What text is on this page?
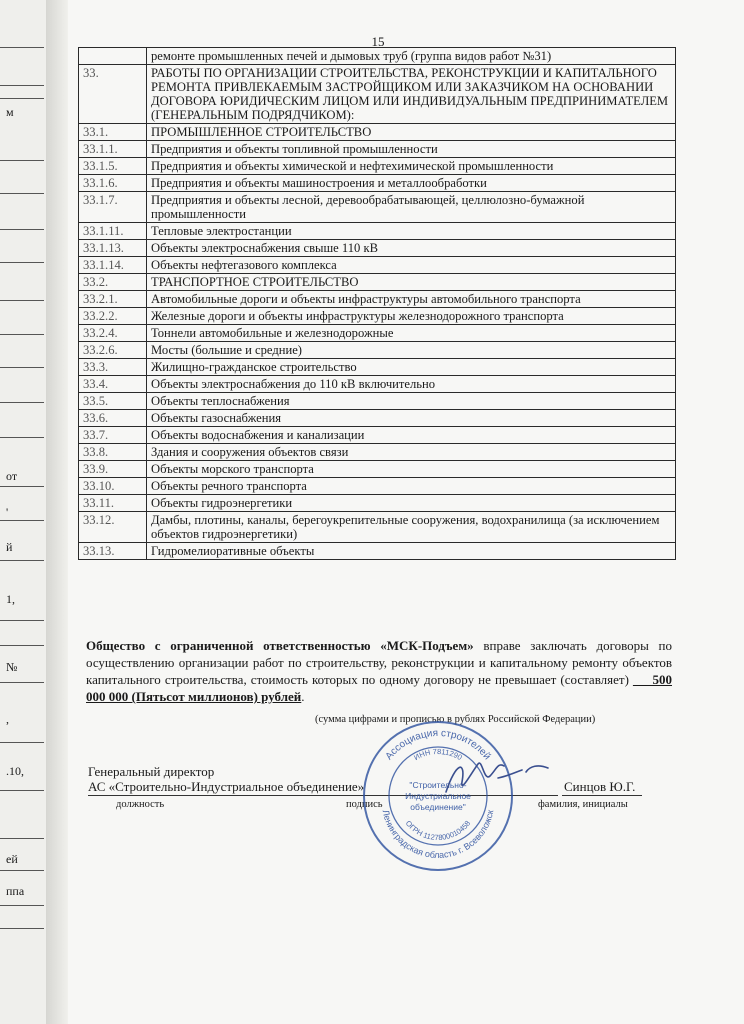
м
от
'
й
1,
№
,
.10,
ей
ппа
15
	ремонте промышленных печей и дымовых труб (группа видов работ №31)
33.	РАБОТЫ ПО ОРГАНИЗАЦИИ СТРОИТЕЛЬСТВА, РЕКОНСТРУКЦИИ И КАПИТАЛЬНОГО РЕМОНТА ПРИВЛЕКАЕМЫМ ЗАСТРОЙЩИКОМ ИЛИ ЗАКАЗЧИКОМ НА ОСНОВАНИИ ДОГОВОРА ЮРИДИЧЕСКИМ ЛИЦОМ ИЛИ ИНДИВИДУАЛЬНЫМ ПРЕДПРИНИМАТЕЛЕМ (ГЕНЕРАЛЬНЫМ ПОДРЯДЧИКОМ):
33.1.	ПРОМЫШЛЕННОЕ СТРОИТЕЛЬСТВО
33.1.1.	Предприятия и объекты топливной промышленности
33.1.5.	Предприятия и объекты химической и нефтехимической промышленности
33.1.6.	Предприятия и объекты машиностроения и металлообработки
33.1.7.	Предприятия и объекты лесной, деревообрабатывающей, целлюлозно-бумажной промышленности
33.1.11.	Тепловые электростанции
33.1.13.	Объекты электроснабжения свыше 110 кВ
33.1.14.	Объекты нефтегазового комплекса
33.2.	ТРАНСПОРТНОЕ СТРОИТЕЛЬСТВО
33.2.1.	Автомобильные дороги и объекты инфраструктуры автомобильного транспорта
33.2.2.	Железные дороги и объекты инфраструктуры железнодорожного транспорта
33.2.4.	Тоннели автомобильные и железнодорожные
33.2.6.	Мосты (большие и средние)
33.3.	Жилищно-гражданское строительство
33.4.	Объекты электроснабжения до 110 кВ включительно
33.5.	Объекты теплоснабжения
33.6.	Объекты газоснабжения
33.7.	Объекты водоснабжения и канализации
33.8.	Здания и сооружения объектов связи
33.9.	Объекты морского транспорта
33.10.	Объекты речного транспорта
33.11.	Объекты гидроэнергетики
33.12.	Дамбы, плотины, каналы, берегоукрепительные сооружения, водохранилища (за исключением объектов гидроэнергетики)
33.13.	Гидромелиоративные объекты
Общество с ограниченной ответственностью «МСК-Подъем» вправе заключать договоры по осуществлению организации работ по строительству, реконструкции и капитальному ремонту объектов капитального строительства, стоимость которых по одному договору не превышает (составляет) ___500 000 000 (Пятьсот миллионов) рублей.
(сумма цифрами и прописью в рублях Российской Федерации)
Генеральный директор
АС «Строительно-Индустриальное объединение»	Синцов Ю.Г.
должность	подпись	фамилия, инициалы
Ассоциация строителей
Ленинградская область г. Всеволожск
ИНН 7811290
ОГРН 1127800010458
"Строительно-
Индустриальное
объединение"
